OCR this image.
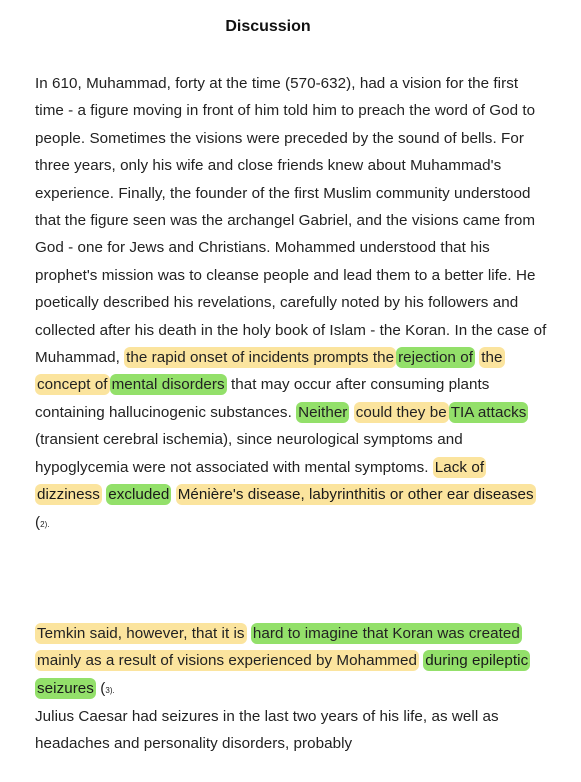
Discussion
In 610, Muhammad, forty at the time (570-632), had a vision for the first time - a figure moving in front of him told him to preach the word of God to people. Sometimes the visions were preceded by the sound of bells. For three years, only his wife and close friends knew about Muhammad's experience. Finally, the founder of the first Muslim community understood that the figure seen was the archangel Gabriel, and the visions came from God - one for Jews and Christians. Mohammed understood that his prophet's mission was to cleanse people and lead them to a better life. He poetically described his revelations, carefully noted by his followers and collected after his death in the holy book of Islam - the Koran. In the case of Muhammad, the rapid onset of incidents prompts the rejection of the concept of mental disorders that may occur after consuming plants containing hallucinogenic substances. Neither could they be TIA attacks (transient cerebral ischemia), since neurological symptoms and hypoglycemia were not associated with mental symptoms. Lack of dizziness excluded Ménière's disease, labyrinthitis or other ear diseases (2).
Temkin said, however, that it is hard to imagine that Koran was created mainly as a result of visions experienced by Mohammed during epileptic seizures (3).
Julius Caesar had seizures in the last two years of his life, as well as headaches and personality disorders, probably
